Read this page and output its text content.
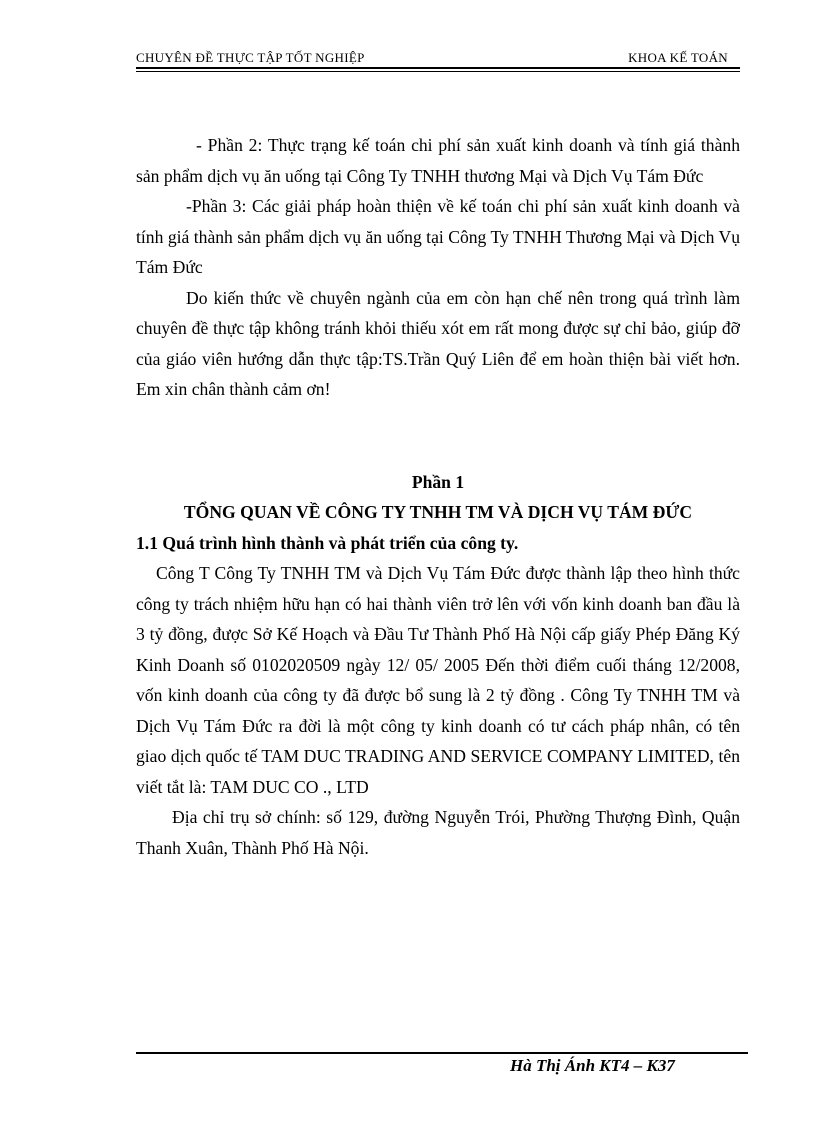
CHUYÊN ĐỀ THỰC TẬP TỐT NGHIỆP	KHOA KẾ TOÁN

- Phần 2: Thực trạng kế toán chi phí sản xuất kinh doanh và tính giá thành sản phẩm dịch vụ ăn uống tại Công Ty TNHH thương Mại và Dịch Vụ Tám Đức

-Phần 3: Các giải pháp hoàn thiện về kế toán chi phí sản xuất kinh doanh và tính giá thành sản phẩm dịch vụ ăn uống tại Công Ty TNHH Thương Mại và Dịch Vụ Tám Đức

Do kiến thức về chuyên ngành của em còn hạn chế nên trong quá trình làm chuyên đề thực tập không tránh khỏi thiếu xót em rất mong được sự chỉ bảo, giúp đỡ của giáo viên hướng dẫn thực tập:TS.Trần Quý Liên để em hoàn thiện bài viết hơn. Em xin chân thành cảm ơn!

Phần 1

TỔNG QUAN VỀ CÔNG TY TNHH TM VÀ DỊCH VỤ TÁM ĐỨC

1.1 Quá trình hình thành và phát triển của công ty.

Công T Công Ty TNHH TM và Dịch Vụ Tám Đức được thành lập theo hình thức công ty trách nhiệm hữu hạn có hai thành viên trở lên với vốn kinh doanh ban đầu là 3 tỷ đồng, được Sở Kế Hoạch và Đầu Tư Thành Phố Hà Nội cấp giấy Phép Đăng Ký Kinh Doanh số 0102020509 ngày 12/ 05/ 2005 Đến thời điểm cuối tháng 12/2008, vốn kinh doanh của công ty đã được bổ sung là 2 tỷ đồng . Công Ty TNHH TM và Dịch Vụ Tám Đức ra đời là một công ty kinh doanh có tư cách pháp nhân, có tên giao dịch quốc tế TAM DUC TRADING AND SERVICE COMPANY LIMITED, tên viết tắt là: TAM DUC CO ., LTD

Địa chỉ trụ sở chính: số 129, đường Nguyễn Trói, Phường Thượng Đình, Quận Thanh Xuân, Thành Phố Hà Nội.

Hà Thị Ánh KT4 – K37
